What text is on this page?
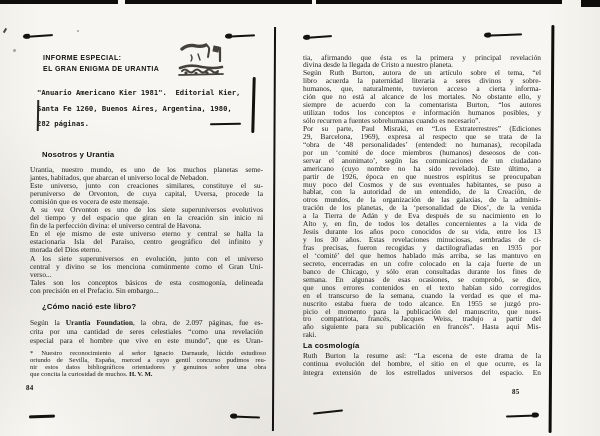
INFORME ESPECIAL:
EL GRAN ENIGMA DE URANTIA
"Anuario Americano Kier 1981".  Editorial Kier,
Santa Fe 1260, Buenos Aires, Argentina, 1980,
282 páginas.
Nosotros y Urantia
Urantia, nuestro mundo, es uno de los muchos planetas seme-
jantes, habitados, que abarcan el universo local de Nebadon.
Este universo, junto con creaciones similares, constituye el su-
peruniverso de Orvonton, de cuya capital, Uversa, procede la
comisión que es vocera de este mensaje.
A su vez Orvonton es uno de los siete superuniversos evolutivos
del tiempo y del espacio que giran en la creación sin inicio ni
fin de la perfección divina: el universo central de Havona.
En el eje mismo de este universo eterno y central se halla la
estacionaria Isla del Paraíso, centro geográfico del infinito y
morada del Dios eterno.
A los siete superuniversos en evolución, junto con el universo
central y divino se los menciona comúnmente como el Gran Uni-
verso...
Tales son los conceptos básicos de esta cosmogonía, delineada
con precisión en el Prefacio. Sin embargo...
¿Cómo nació este libro?
Según la Urantia Foundation, la obra, de 2.097 páginas, fue es-
crita por una cantidad de seres celestiales “como una revelación
especial para el hombre que vive en este mundo”, que es Uran-
* Nuestro reconocimiento al señor Ignacio Darnaude, lúcido estudioso
oriundo de Sevilla, España, merced a cuyo gentil concurso pudimos reu-
nir estos datos bibliográficos orientadores y genuinos sobre una obra
que concita la curiosidad de muchos. H. V. M.
84
tia, afirmando que ésta es la primera y principal revelación
divina desde la llegada de Cristo a nuestro planeta.
Según Ruth Burton, autora de un artículo sobre el tema, “el
libro acuerda la paternidad literaria a seres divinos y sobre-
humanos, que, naturalmente, tuvieron acceso a cierta informa-
ción que no está al alcance de los mortales. No obstante ello, y
siempre de acuerdo con la comentarista Burton, “los autores
utilizan todos los conceptos e información humanos posibles, y
sólo recurren a fuentes sobrehumanas cuando es necesario”.
Por su parte, Paul Misraki, en “Los Extraterrestres” (Ediciones
29, Barcelona, 1969), expresa al respecto que se trata de la
“obra de ‘48 personalidades’ (entended: no humanas), recopilada
por un ‘comité de doce miembros (humanos) deseosos de con-
servar el anonimato’, según las comunicaciones de un ciudadano
americano (cuyo nombre no ha sido revelado). Este último, a
partir de 1926, época en que nuestros espíritus se preocupaban
muy poco del Cosmos y de sus eventuales habitantes, se puso a
hablar, con la autoridad de un entendido, de la Creación, de
otros mundos, de la organización de las galaxias, de la adminis-
tración de los planetas, de la ‘personalidad de Dios’, de la venida
a la Tierra de Adán y de Eva después de su nacimiento en lo
Alto y, en fin, de todos los detalles concernientes a la vida de
Jesús durante los años poco conocidos de su vida, entre los 13
y los 30 años. Estas revelaciones minuciosas, sembradas de ci-
fras precisas, fueron recogidas y dactilografiadas en 1935 por
el ‘comité’ del que hemos hablado más arriba, se las mantuvo en
secreto, encerradas en un cofre colocado en la caja fuerte de un
banco de Chicago, y sólo eran consultadas durante los fines de
semana. En algunas de esas ocasiones, se comprobó, se dice,
que unos errores contenidos en el texto habían sido corregidos
en el transcurso de la semana, cuando la verdad es que el ma-
nuscrito estaba fuera de todo alcance. En 1955 se juzgó pro-
picio el momento para la publicación del manuscrito, que nues-
tro compatriota, francés, Jacques Weiss, tradujo a partir del
año siguiente para su publicación en francés”. Hasta aquí Mis-
raki.
La cosmología
Ruth Burton la resume así: “La escena de este drama de la
continua evolución del hombre, el sitio en el que ocurre, es la
íntegra extensión de los estrellados universos del espacio. En
85
